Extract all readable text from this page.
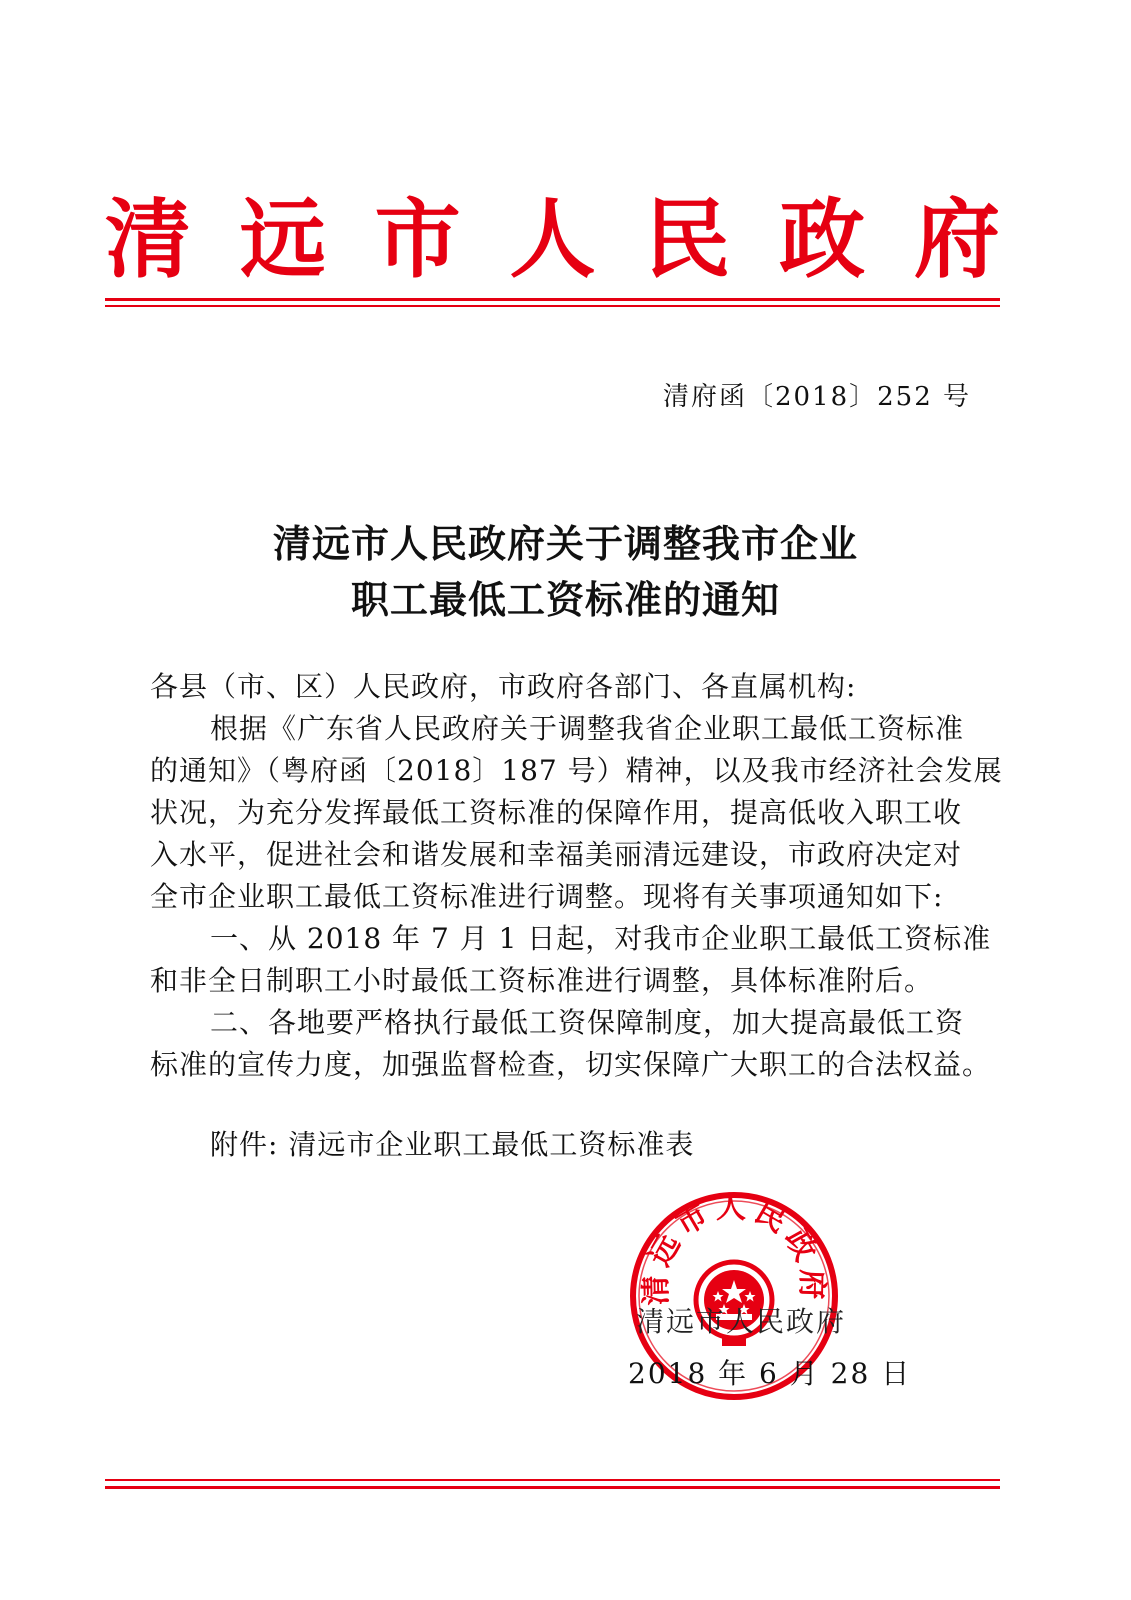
清 远 市 人 民 政 府
清府函〔2018〕252 号
清远市人民政府关于调整我市企业
职工最低工资标准的通知
各县（市、区）人民政府，市政府各部门、各直属机构:
根据《广东省人民政府关于调整我省企业职工最低工资标准
的通知》（粤府函〔2018〕187 号）精神，以及我市经济社会发展
状况，为充分发挥最低工资标准的保障作用，提高低收入职工收
入水平，促进社会和谐发展和幸福美丽清远建设，市政府决定对
全市企业职工最低工资标准进行调整。现将有关事项通知如下:
一、从 2018 年 7 月 1 日起，对我市企业职工最低工资标准
和非全日制职工小时最低工资标准进行调整，具体标准附后。
二、各地要严格执行最低工资保障制度，加大提高最低工资
标准的宣传力度，加强监督检查，切实保障广大职工的合法权益。
附件: 清远市企业职工最低工资标准表
清远市人民政府
清远市人民政府
2018 年 6 月 28 日
